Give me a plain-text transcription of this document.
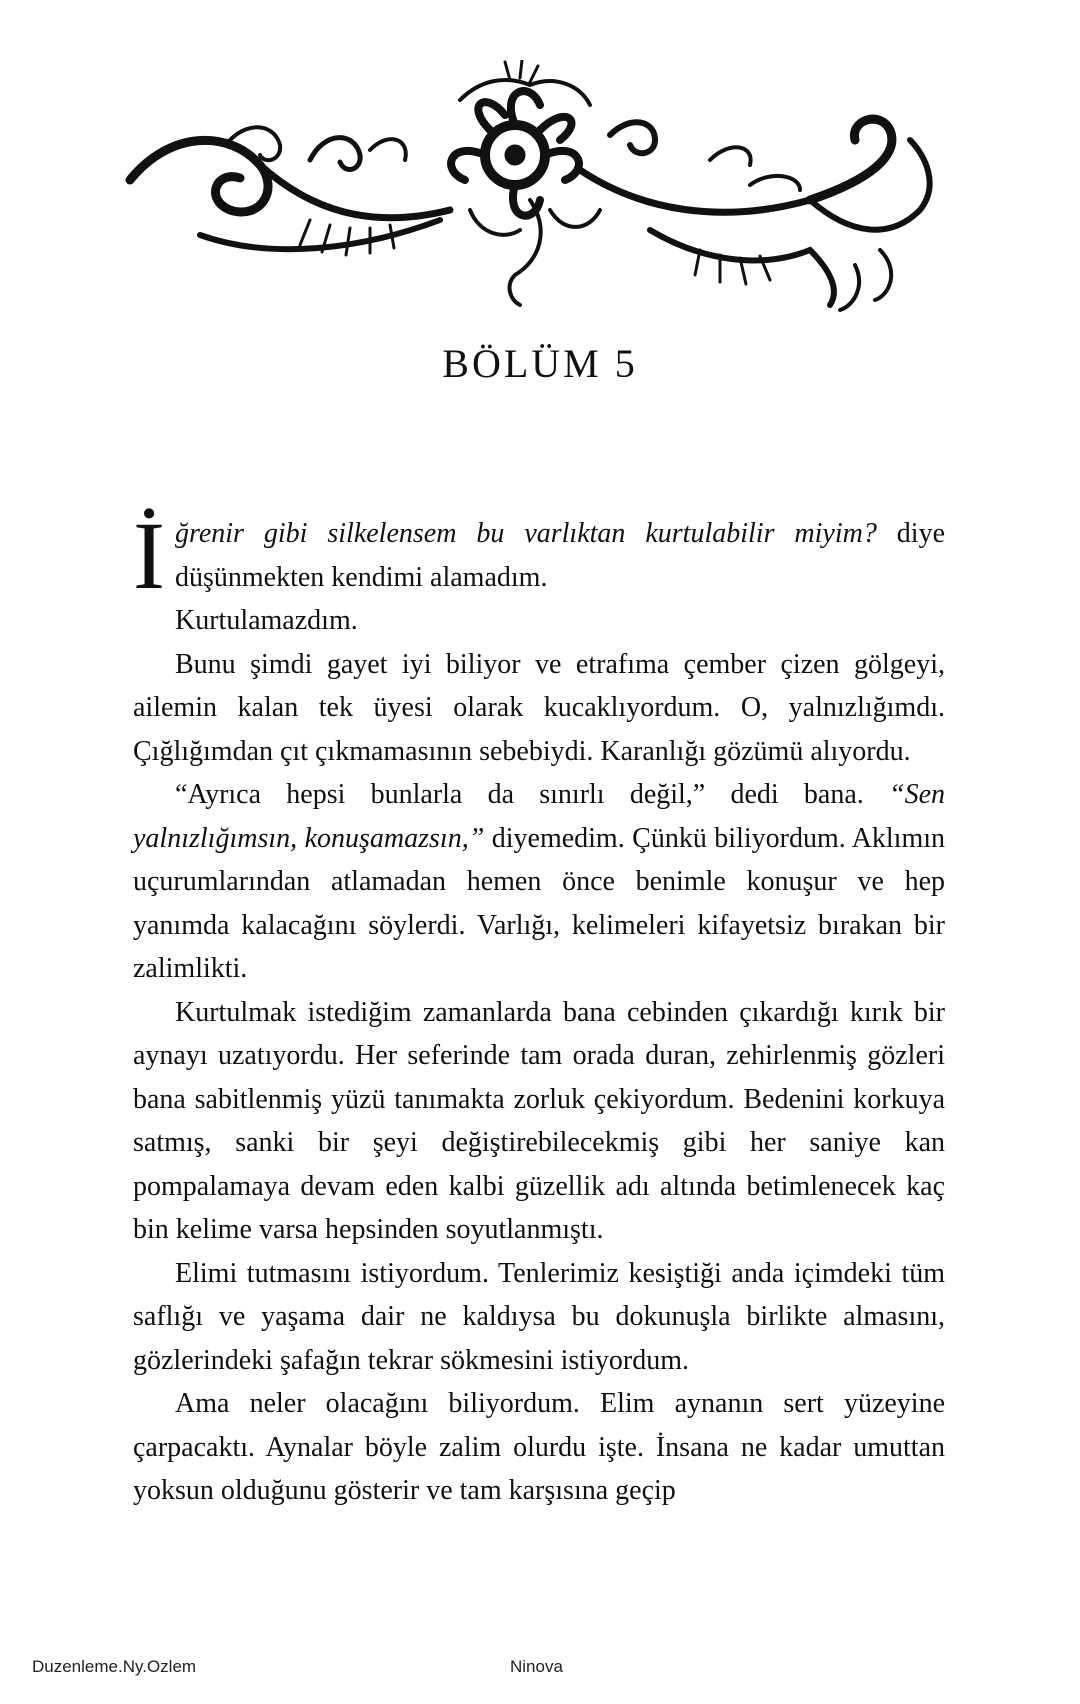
BÖLÜM 5

İğrenir gibi silkelensem bu varlıktan kurtulabilir miyim? diye düşünmekten kendimi alamadım.

Kurtulamazdım.

Bunu şimdi gayet iyi biliyor ve etrafıma çember çizen gölgeyi, ailemin kalan tek üyesi olarak kucaklıyordum. O, yalnızlığımdı. Çığlığımdan çıt çıkmamasının sebebiydi. Karanlığı gözümü alıyordu.

“Ayrıca hepsi bunlarla da sınırlı değil,” dedi bana. “Sen yalnızlığımsın, konuşamazsın,” diyemedim. Çünkü biliyordum. Aklımın uçurumlarından atlamadan hemen önce benimle konuşur ve hep yanımda kalacağını söylerdi. Varlığı, kelimeleri kifayetsiz bırakan bir zalimlikti.

Kurtulmak istediğim zamanlarda bana cebinden çıkardığı kırık bir aynayı uzatıyordu. Her seferinde tam orada duran, zehirlenmiş gözleri bana sabitlenmiş yüzü tanımakta zorluk çekiyordum. Bedenini korkuya satmış, sanki bir şeyi değiştirebilecekmiş gibi her saniye kan pompalamaya devam eden kalbi güzellik adı altında betimlenecek kaç bin kelime varsa hepsinden soyutlanmıştı.

Elimi tutmasını istiyordum. Tenlerimiz kesiştiği anda içimdeki tüm saflığı ve yaşama dair ne kaldıysa bu dokunuşla birlikte almasını, gözlerindeki şafağın tekrar sökmesini istiyordum.

Ama neler olacağını biliyordum. Elim aynanın sert yüzeyine çarpacaktı. Aynalar böyle zalim olurdu işte. İnsana ne kadar umuttan yoksun olduğunu gösterir ve tam karşısına geçip

Duzenleme.Ny.Ozlem	Ninova
